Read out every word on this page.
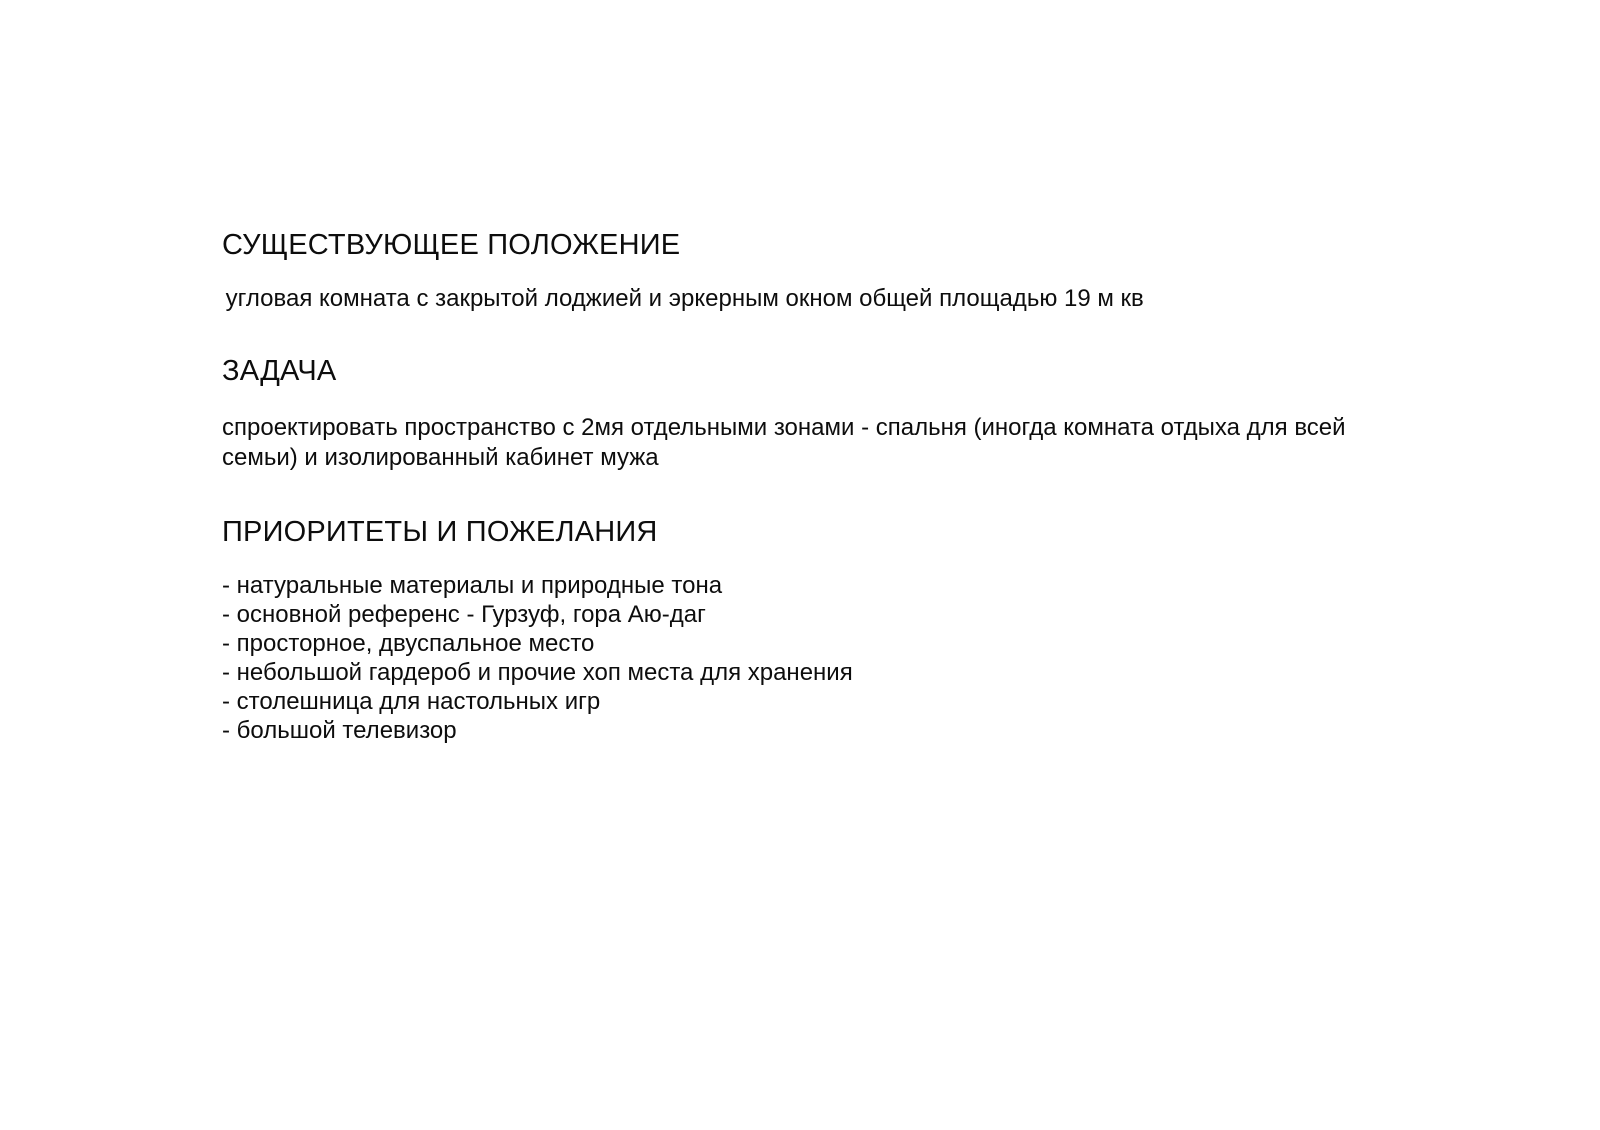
СУЩЕСТВУЮЩЕЕ ПОЛОЖЕНИЕ

угловая комната с закрытой лоджией и эркерным окном общей площадью 19 м кв

ЗАДАЧА

спроектировать пространство с 2мя отдельными зонами - спальня (иногда комната отдыха для всей семьи) и изолированный кабинет мужа

ПРИОРИТЕТЫ И ПОЖЕЛАНИЯ
- натуральные материалы и природные тона
- основной референс - Гурзуф, гора Аю-даг
- просторное, двуспальное место
- небольшой гардероб и прочие хоп места для хранения
- столешница для настольных игр
- большой телевизор
